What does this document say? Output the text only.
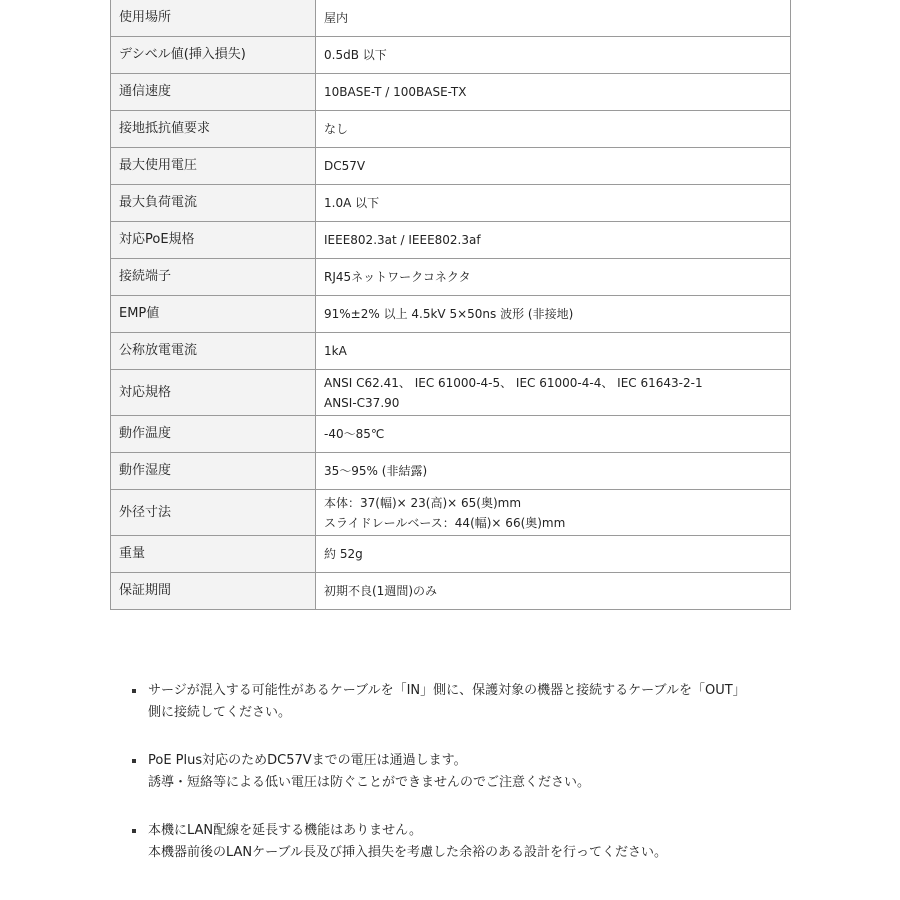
使用場所	屋内

デシベル値(挿入損失)	0.5dB 以下

通信速度	10BASE-T / 100BASE-TX

接地抵抗値要求	なし

最大使用電圧	DC57V

最大負荷電流	1.0A 以下

対応PoE規格	IEEE802.3at / IEEE802.3af

接続端子	RJ45ネットワークコネクタ

EMP値	91%±2% 以上 4.5kV 5×50ns 波形 (非接地)

公称放電電流	1kA

対応規格	ANSI C62.41、 IEC 61000-4-5、 IEC 61000-4-4、 IEC 61643-2-1
ANSI-C37.90

動作温度	-40〜85℃

動作湿度	35〜95% (非結露)

外径寸法	本体：37(幅)× 23(高)× 65(奥)mm
スライドレールベース：44(幅)× 66(奥)mm

重量	約 52g

保証期間	初期不良(1週間)のみ
サージが混入する可能性があるケーブルを「IN」側に、保護対象の機器と接続するケーブルを「OUT」
側に接続してください。
PoE Plus対応のためDC57Vまでの電圧は通過します。
誘導・短絡等による低い電圧は防ぐことができませんのでご注意ください。
本機にLAN配線を延長する機能はありません。
本機器前後のLANケーブル長及び挿入損失を考慮した余裕のある設計を行ってください。
